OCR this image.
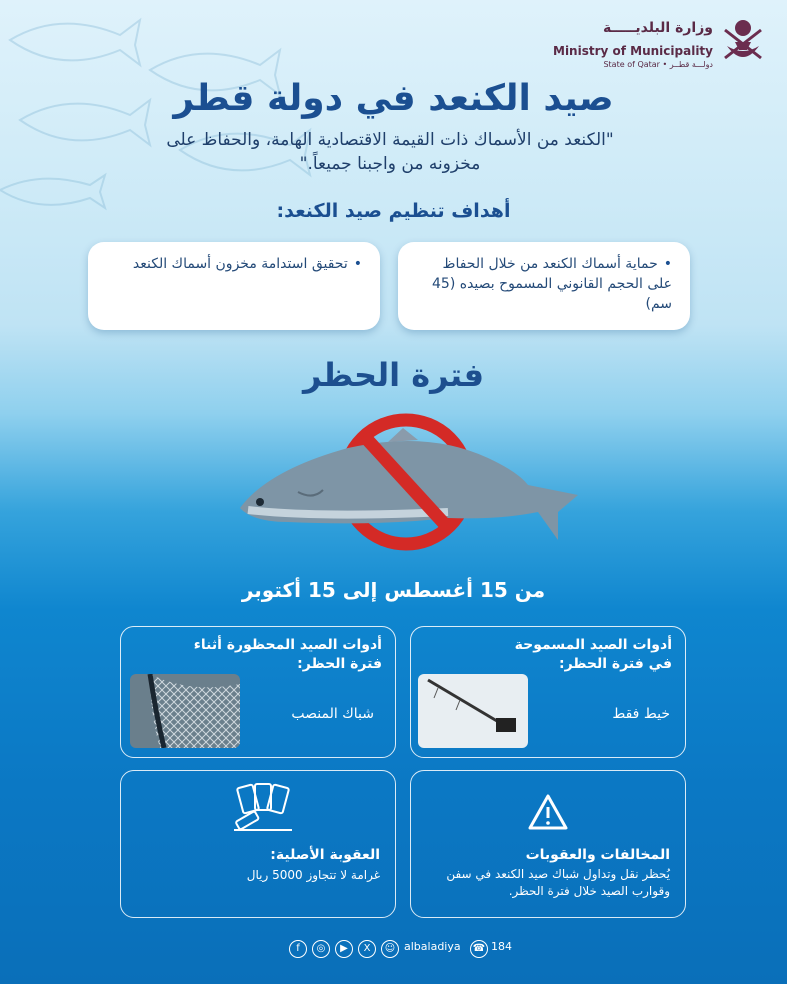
وزارة البلديـــــة
Ministry of Municipality
State of Qatar • دولـــة قطــر
صيد الكنعد في دولة قطر
"الكنعد من الأسماك ذات القيمة الاقتصادية الهامة، والحفاظ على مخزونه من واجبنا جميعاً."
أهداف تنظيم صيد الكنعد:
•حماية أسماك الكنعد من خلال الحفاظ على الحجم القانوني المسموح بصيده (45 سم)
•تحقيق استدامة مخزون أسماك الكنعد
فترة الحظر
من 15 أغسطس إلى 15 أكتوبر
أدوات الصيد المسموحة في فترة الحظر:
خيط فقط
أدوات الصيد المحظورة أثناء فترة الحظر:
شباك المنصب
المخالفات والعقوبات
يُحظر نقل وتداول شباك صيد الكنعد في سفن وقوارب الصيد خلال فترة الحظر.
العقوبة الأصلية:
غرامة لا تتجاوز 5000 ريال
f	◎	▶	X	☺ albaladiya ☎ 184
